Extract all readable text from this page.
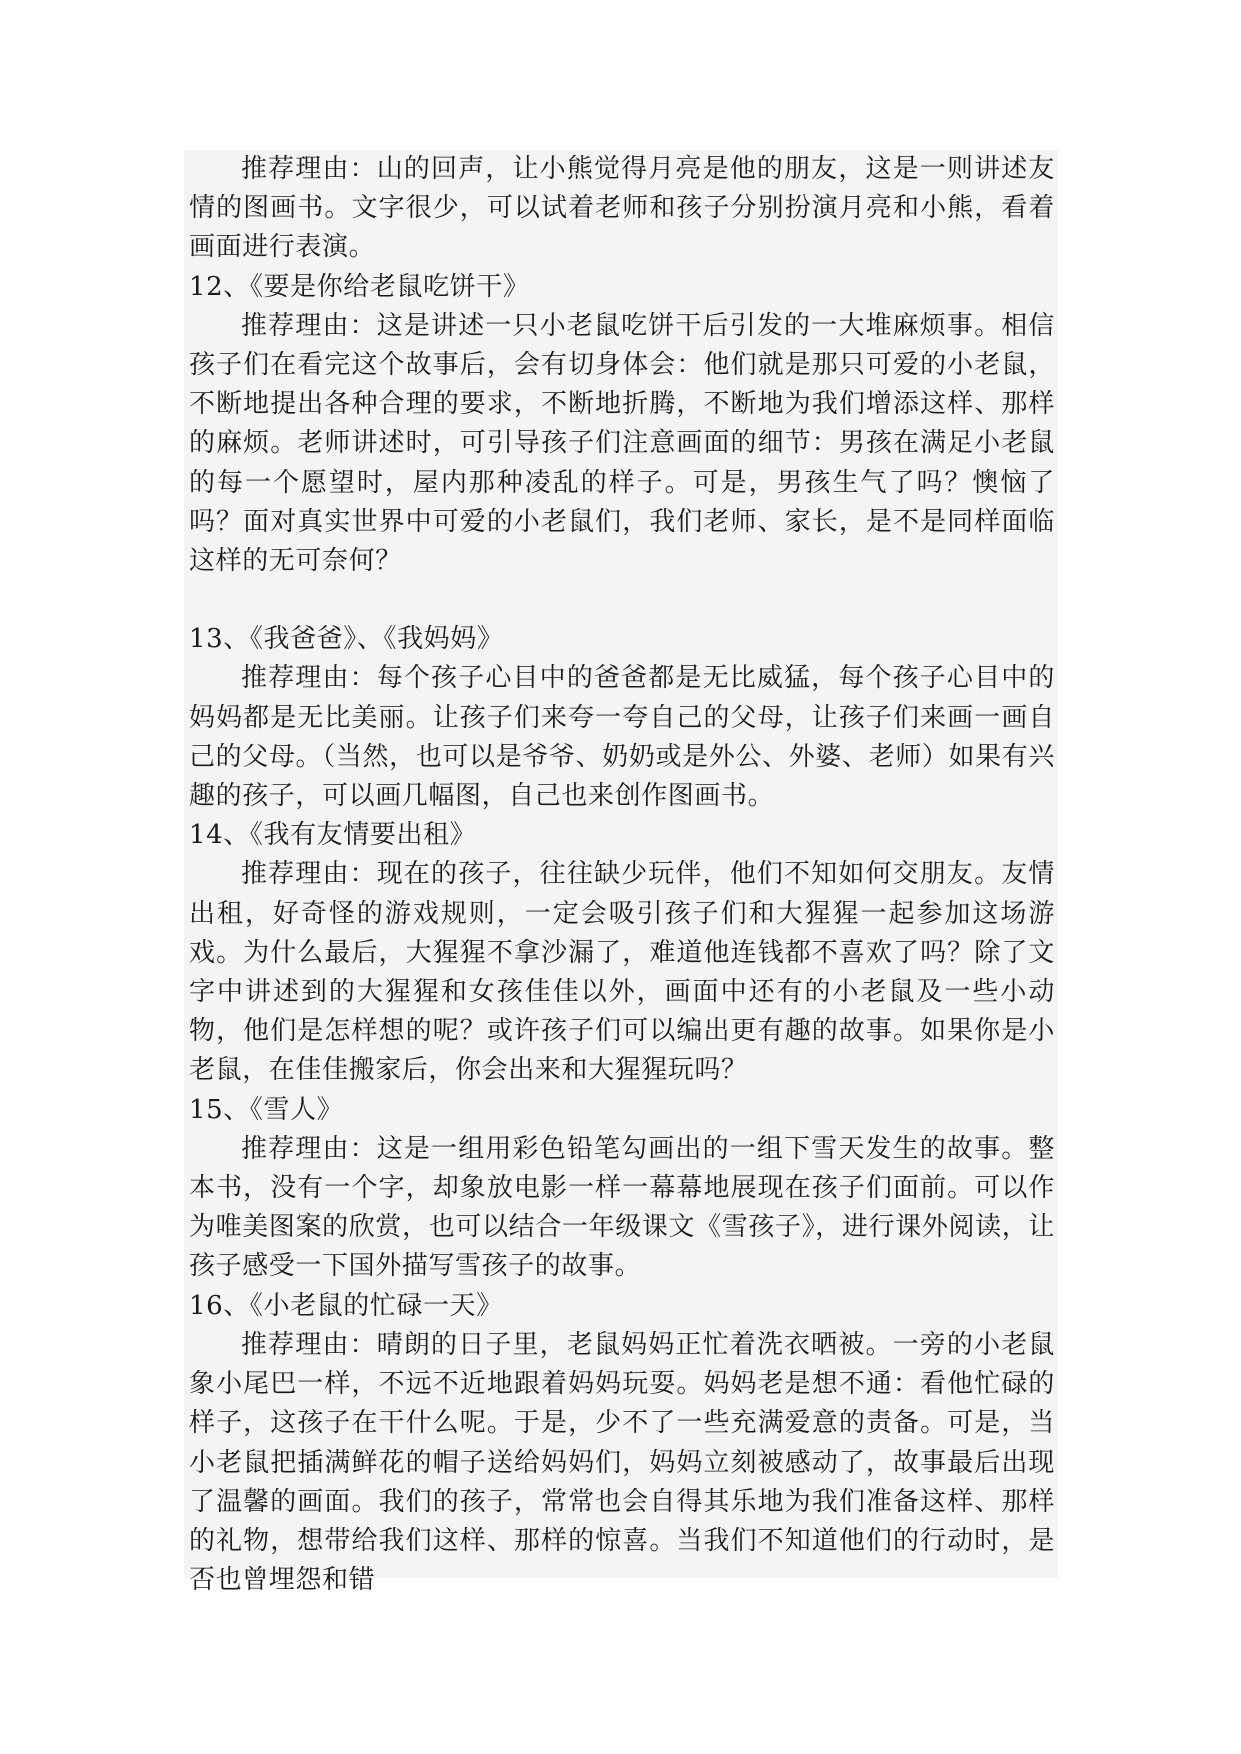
推荐理由：山的回声，让小熊觉得月亮是他的朋友，这是一则讲述友情的图画书。文字很少，可以试着老师和孩子分别扮演月亮和小熊，看着画面进行表演。

12、《要是你给老鼠吃饼干》

推荐理由：这是讲述一只小老鼠吃饼干后引发的一大堆麻烦事。相信孩子们在看完这个故事后，会有切身体会：他们就是那只可爱的小老鼠，不断地提出各种合理的要求，不断地折腾，不断地为我们增添这样、那样的麻烦。老师讲述时，可引导孩子们注意画面的细节：男孩在满足小老鼠的每一个愿望时，屋内那种凌乱的样子。可是，男孩生气了吗？懊恼了吗？面对真实世界中可爱的小老鼠们，我们老师、家长，是不是同样面临这样的无可奈何？

13、《我爸爸》、《我妈妈》

推荐理由：每个孩子心目中的爸爸都是无比威猛，每个孩子心目中的妈妈都是无比美丽。让孩子们来夸一夸自己的父母，让孩子们来画一画自己的父母。（当然，也可以是爷爷、奶奶或是外公、外婆、老师）如果有兴趣的孩子，可以画几幅图，自己也来创作图画书。

14、《我有友情要出租》

推荐理由：现在的孩子，往往缺少玩伴，他们不知如何交朋友。友情出租，好奇怪的游戏规则，一定会吸引孩子们和大猩猩一起参加这场游戏。为什么最后，大猩猩不拿沙漏了，难道他连钱都不喜欢了吗？除了文字中讲述到的大猩猩和女孩佳佳以外，画面中还有的小老鼠及一些小动物，他们是怎样想的呢？或许孩子们可以编出更有趣的故事。如果你是小老鼠，在佳佳搬家后，你会出来和大猩猩玩吗？

15、《雪人》

推荐理由：这是一组用彩色铅笔勾画出的一组下雪天发生的故事。整本书，没有一个字，却象放电影一样一幕幕地展现在孩子们面前。可以作为唯美图案的欣赏，也可以结合一年级课文《雪孩子》，进行课外阅读，让孩子感受一下国外描写雪孩子的故事。

16、《小老鼠的忙碌一天》

推荐理由：晴朗的日子里，老鼠妈妈正忙着洗衣晒被。一旁的小老鼠象小尾巴一样，不远不近地跟着妈妈玩耍。妈妈老是想不通：看他忙碌的样子，这孩子在干什么呢。于是，少不了一些充满爱意的责备。可是，当小老鼠把插满鲜花的帽子送给妈妈们，妈妈立刻被感动了，故事最后出现了温馨的画面。我们的孩子，常常也会自得其乐地为我们准备这样、那样的礼物，想带给我们这样、那样的惊喜。当我们不知道他们的行动时，是否也曾埋怨和错
